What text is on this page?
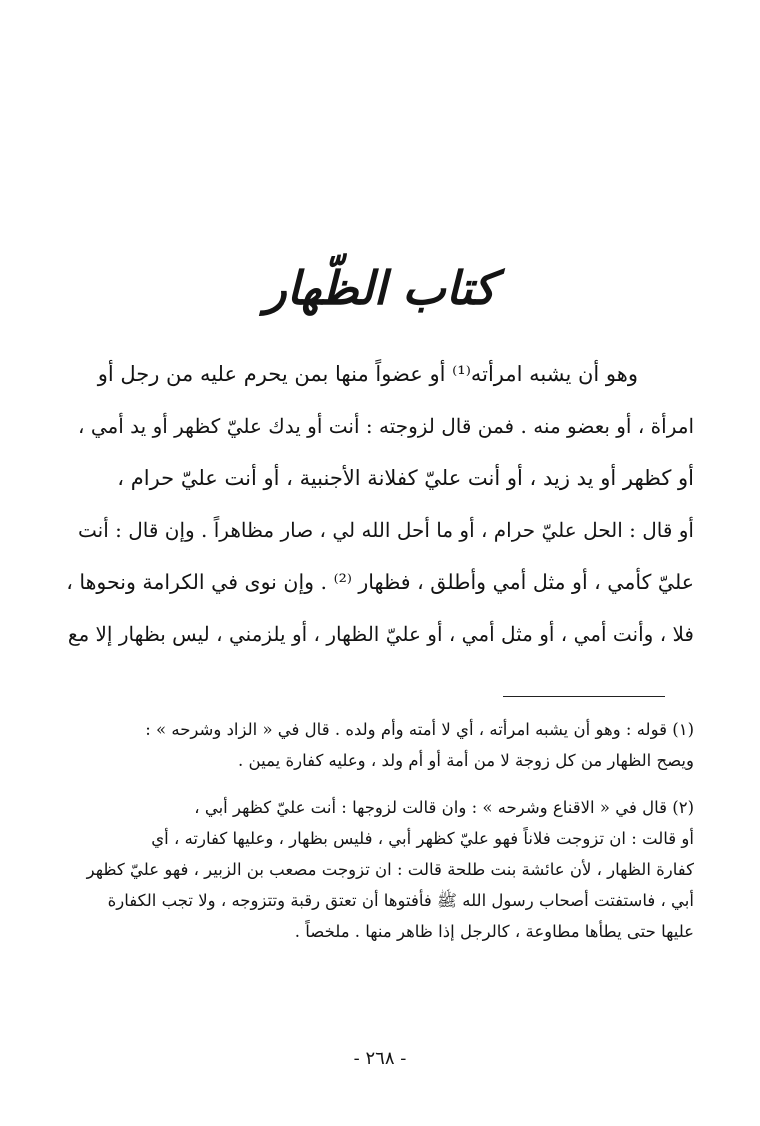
كتاب الظّهار
وهو أن يشبه امرأته⁽¹⁾ أو عضواً منها بمن يحرم عليه من رجل أو
امرأة ، أو بعضو منه . فمن قال لزوجته : أنت أو يدك عليّ كظهر أو يد أمي ،
أو كظهر أو يد زيد ، أو أنت عليّ كفلانة الأجنبية ، أو أنت عليّ حرام ،
أو قال : الحل عليّ حرام ، أو ما أحل الله لي ، صار مظاهراً . وإن قال : أنت
عليّ كأمي ، أو مثل أمي وأطلق ، فظهار ⁽²⁾ . وإن نوى في الكرامة ونحوها ،
فلا ، وأنت أمي ، أو مثل أمي ، أو عليّ الظهار ، أو يلزمني ، ليس بظهار إلا مع
(١) قوله : وهو أن يشبه امرأته ، أي لا أمته وأم ولده . قال في « الزاد وشرحه » :
ويصح الظهار من كل زوجة لا من أمة أو أم ولد ، وعليه كفارة يمين .
(٢) قال في « الاقناع وشرحه » : وان قالت لزوجها : أنت عليّ كظهر أبي ،
أو قالت : ان تزوجت فلاناً فهو عليّ كظهر أبي ، فليس بظهار ، وعليها كفارته ، أي
كفارة الظهار ، لأن عائشة بنت طلحة قالت : ان تزوجت مصعب بن الزبير ، فهو عليّ كظهر
أبي ، فاستفتت أصحاب رسول الله ﷺ فأفتوها أن تعتق رقبة وتتزوجه ، ولا تجب الكفارة
عليها حتى يطأها مطاوعة ، كالرجل إذا ظاهر منها . ملخصاً .
- ٢٦٨ -
